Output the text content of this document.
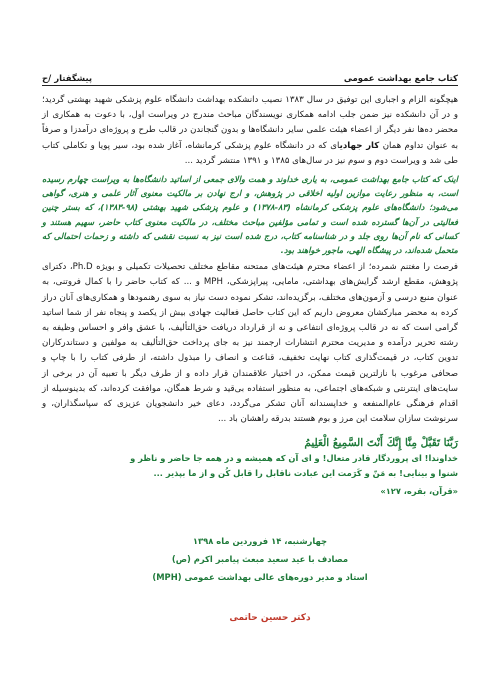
کتاب جامع بهداشت عمومی
پیشگفتار /ح

هیچگونه الزام و اجباری این توفیق در سال ۱۳۸۳ نصیب دانشکده بهداشت دانشگاه علوم پزشکی شهید بهشتی گردید؛ و در آن دانشکده نیز ضمن جلب ادامه همکاری نویسندگان مباحث مندرج در ویراست اول، با دعوت به همکاری از محضر ده‌ها نفر دیگر از اعضاء هیئت علمی سایر دانشگاه‌ها و بدون گنجاندن در قالب طرح و پروژه‌ای درآمدزا و صرفاً به عنوان تداوم همان کار جهادیای که در دانشگاه علوم پزشکی کرمانشاه، آغاز شده بود، سیر پویا و تکاملی کتاب طی شد و ویراست دوم و سوم نیز در سال‌های ۱۳۸۵ و ۱۳۹۱ منتشر گردید ...

اینک که کتاب جامع بهداشت عمومی، به یاری خداوند و همت والای جمعی از اساتید دانشگاه‌ها به ویراست چهارم رسیده است، به منظور رعایت موازین اولیه اخلاقی در پژوهش، و ارج نهادن بر مالکیت معنوی آثار علمی و هنری، گواهی می‌شود؛ دانشگاه‌های علوم پزشکی کرمانشاه (۸۳-۱۳۷۸) و علوم پزشکی شهید بهشتی (۹۸-۱۳۸۳)، که بستر چنین فعالیتی در آن‌ها گسترده شده است و تمامی مؤلفین مباحث مختلف، در مالکیت معنوی کتاب حاضر، سهیم هستند و کسانی که نام آن‌ها روی جلد و در شناسنامه کتاب، درج شده است نیز به نسبت نقشی که داشته و زحمات احتمالی که متحمل شده‌اند، در پیشگاه الهی، ماجور خواهند بود.

فرصت را مغتنم شمرده؛ از اعضاء محترم هیئت‌های ممتحنه مقاطع مختلف تحصیلات تکمیلی و بویژه Ph.D، دکترای پژوهش، مقطع ارشد گرایش‌های بهداشتی، مامایی، پیراپزشکی، MPH و ... که کتاب حاضر را با کمال فروتنی، به عنوان منبع درسی و آزمون‌های مختلف، برگزیده‌اند، تشکر نموده دست نیاز به سوی رهنمودها و همکاری‌های آنان دراز کرده به محضر مبارکشان معروض داریم که این کتاب حاصل فعالیت جهادی بیش از یکصد و پنجاه نفر از شما اساتید گرامی است که نه در قالب پروژه‌ای انتفاعی و نه از قرارداد دریافت حق‌التألیف، با عشق وافر و احساس وظیفه به رشته تحریر درآمده و مدیریت محترم انتشارات ارجمند نیز به جای پرداخت حق‌التألیف به مولفین و دستاندرکاران تدوین کتاب، در قیمت‌گذاری کتاب نهایت تخفیف، قناعت و انصاف را مبذول داشته، از طرفی کتاب را با چاپ و صحافی مرغوب با نازلترین قیمت ممکن، در اختیار علاقمندان قرار داده و از طرف دیگر با تعبیه آن در برخی از سایت‌های اینترنتی و شبکه‌های اجتماعی، به منظور استفاده بی‌قید و شرط همگان، موافقت کرده‌اند، که بدینوسیله از اقدام فرهنگی عام‌المنفعه و خداپسندانه آنان تشکر می‌گردد، دعای خیر دانشجویان عزیزی که سپاسگذاران، و سرنوشت سازان سلامت این مرز و بوم هستند بدرقه راهشان باد ...

رَبَّنَا تَقَبَّلْ مِنَّا إِنَّكَ أَنْتَ السَّمِيعُ الْعَلِيمُ

خداوندا! ای پروردگار قادر متعال! و ای آن که همیشه و در همه جا حاضر و ناظر و

شنوا و بینایی! به مَنّ و کَرَمت این عبادت ناقابل را قابل کُن و از ما بپذیر ...

«قرآن، بقره، ۱۲۷»

چهارشنبه، ۱۴ فروردین ماه ۱۳۹۸
مصادف با عید سعید مبعث پیامبر اکرم (ص)
استاد و مدیر دوره‌های عالی بهداشت عمومی (MPH)
دکتر حسین حاتمی
